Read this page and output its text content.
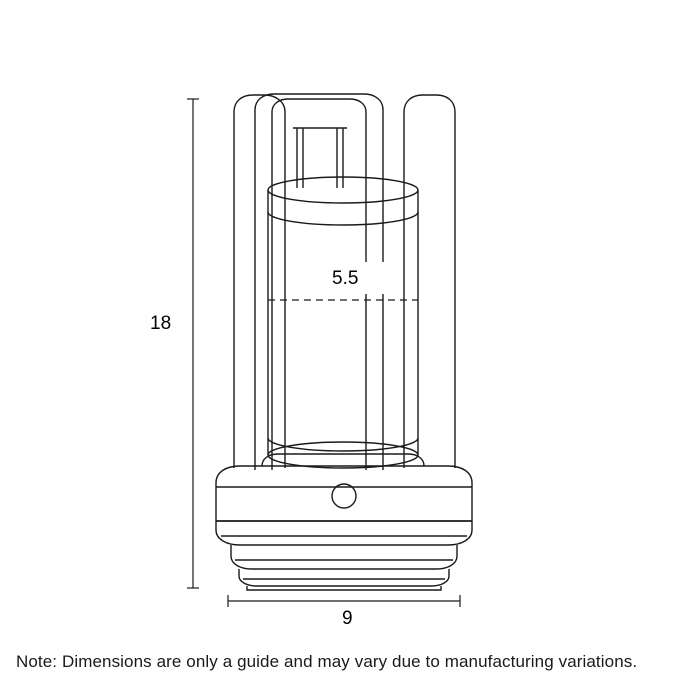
18
9
5.5
Note: Dimensions are only a guide and may vary due to manufacturing variations.
